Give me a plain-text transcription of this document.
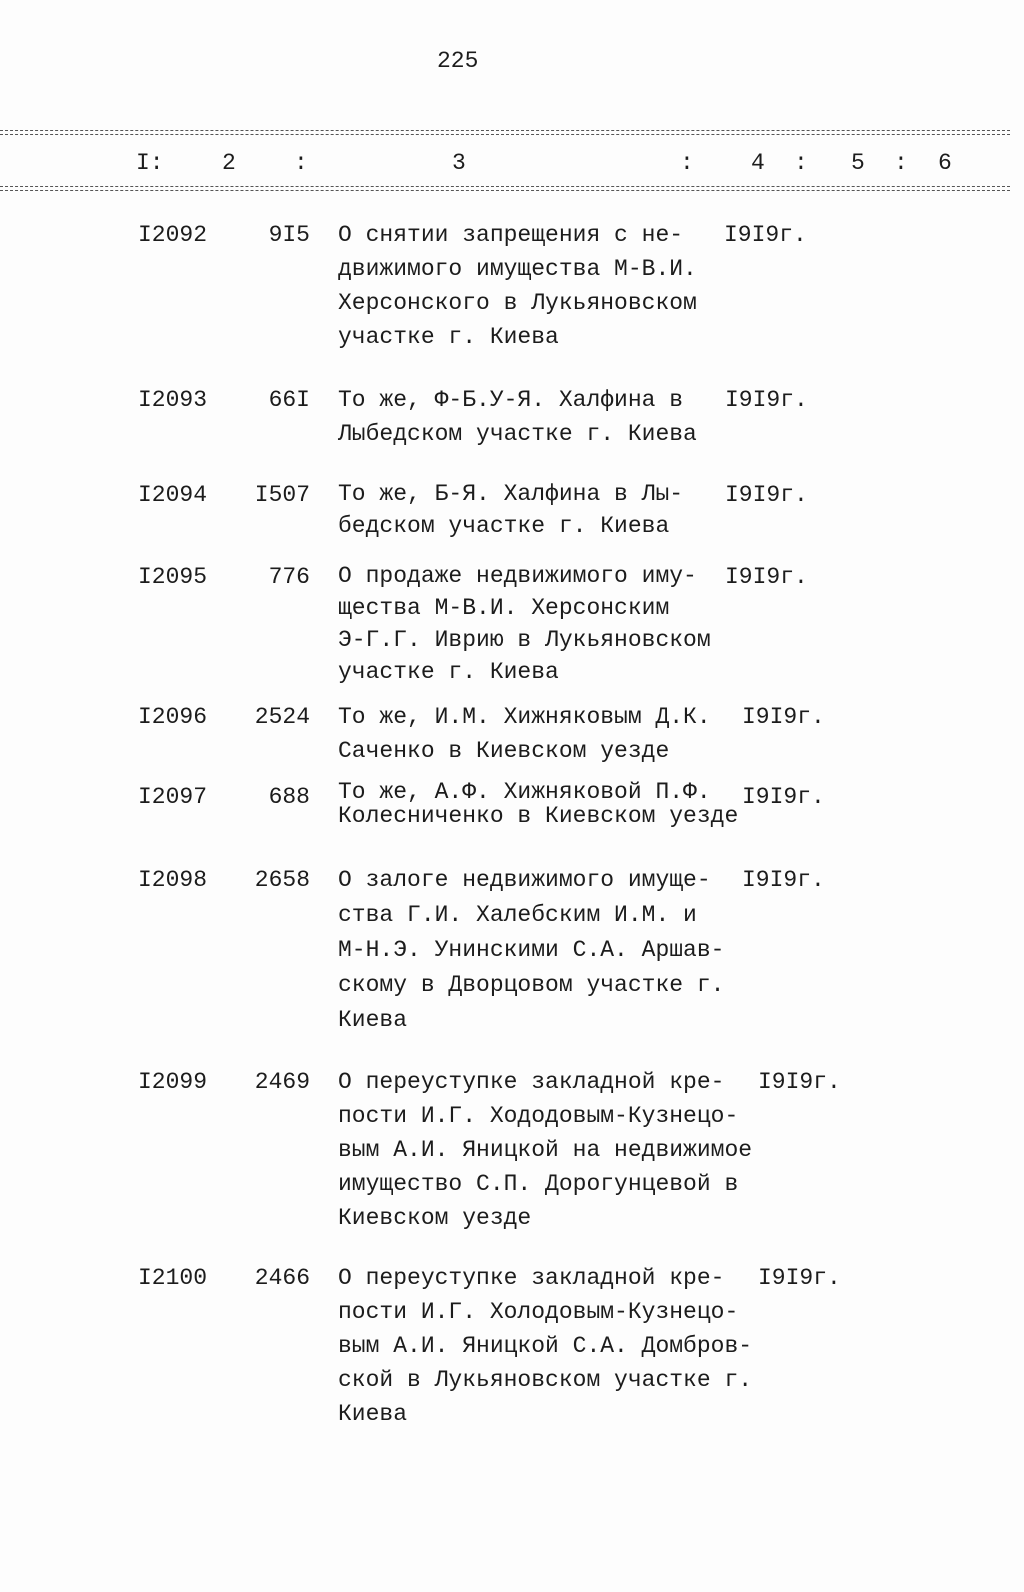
225
I:	2	:	3	: 4 : 5 : 6
I2092	9I5 О снятии запрещения с не-
движимого имущества М-В.И.
Херсонского в Лукьяновском
участке г. Киева
I9I9г.
I2093	66I То же, Ф-Б.У-Я. Халфина в
Лыбедском участке г. Киева
I9I9г.
I2094 I507 То же, Б-Я. Халфина в Лы-
бедском участке г. Киева
I9I9г.
I2095	776 О продаже недвижимого иму-
щества М-В.И. Херсонским
Э-Г.Г. Иврию в Лукьяновском
участке г. Киева
I9I9г.
I2096 2524 То же, И.М. Хижняковым Д.К.
Саченко в Киевском уезде
I9I9г.
I2097	688 То же, А.Ф. Хижняковой П.Ф.
Колесниченко в Киевском уезде
I9I9г.
I2098 2658 О залоге недвижимого имуще-
ства Г.И. Халебским И.М. и
М-Н.Э. Унинскими С.А. Аршав-
скому в Дворцовом участке г.
Киева
I9I9г.
I2099 2469 О переуступке закладной кре-
пости И.Г. Хододовым-Кузнецо-
вым А.И. Яницкой на недвижимое
имущество С.П. Дорогунцевой в
Киевском уезде
I9I9г.
I2100 2466 О переуступке закладной кре-
пости И.Г. Холодовым-Кузнецо-
вым А.И. Яницкой С.А. Домбров-
ской в Лукьяновском участке г.
Киева
I9I9г.
